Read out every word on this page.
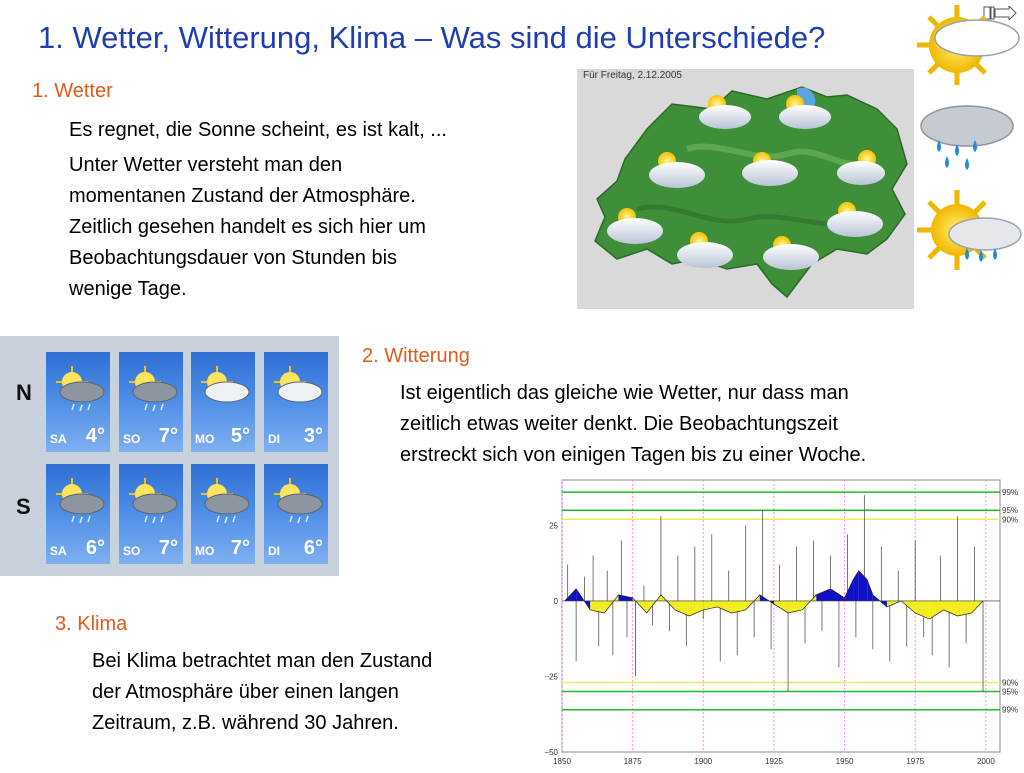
1. Wetter, Witterung, Klima – Was sind die Unterschiede?
1. Wetter
Es regnet, die Sonne scheint, es ist kalt, ...
Unter Wetter versteht man den
momentanen Zustand der Atmosphäre.
Zeitlich gesehen handelt es sich hier um
Beobachtungsdauer von Stunden bis
wenige Tage.
Für Freitag, 2.12.2005
N
S
SA 4° SO 7° MO 5° DI 3°
SA 6° SO 7° MO 7° DI 6°
2. Witterung
Ist eigentlich das gleiche wie Wetter, nur dass man
zeitlich etwas weiter denkt. Die Beobachtungszeit
erstreckt sich von einigen Tagen bis zu einer Woche.
3. Klima
Bei Klima betrachtet man den Zustand
der Atmosphäre über einen langen
Zeitraum, z.B. während 30 Jahren.
25
0
−25
−50
1850	1875	1900	1925	1950	1975	2000
99%
95%
90%
90%
95%
99%
